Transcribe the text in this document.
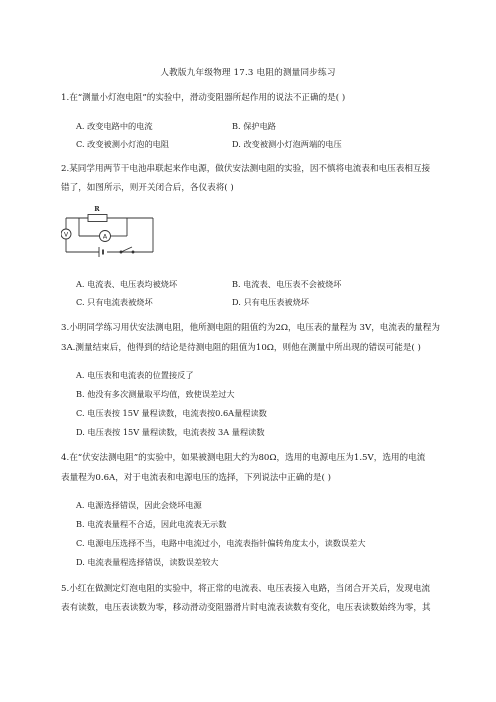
人教版九年级物理 17.3 电阻的测量同步练习
1.在“测量小灯泡电阻”的实验中，滑动变阻器所起作用的说法不正确的是( )
A. 改变电路中的电流	B. 保护电路
C. 改变被测小灯泡的电阻	D. 改变被测小灯泡两端的电压
2.某同学用两节干电池串联起来作电源，做伏安法测电阻的实验，因不慎将电流表和电压表相互接
错了，如图所示，则开关闭合后，各仪表将( )
R
V	A
A. 电流表、电压表均被烧坏	B. 电流表、电压表不会被烧坏
C. 只有电流表被烧坏	D. 只有电压表被烧坏
3.小明同学练习用伏安法测电阻，他所测电阻的阻值约为2Ω，电压表的量程为 3V，电流表的量程为
3A.测量结束后，他得到的结论是待测电阻的阻值为10Ω，则他在测量中所出现的错误可能是( )
A. 电压表和电流表的位置接反了
B. 他没有多次测量取平均值，致使误差过大
C. 电压表按 15V 量程读数，电流表按0.6A量程读数
D. 电压表按 15V 量程读数，电流表按 3A 量程读数
4.在“伏安法测电阻”的实验中，如果被测电阻大约为80Ω，选用的电源电压为1.5V，选用的电流
表量程为0.6A，对于电流表和电源电压的选择，下列说法中正确的是( )
A. 电源选择错误，因此会烧坏电源
B. 电流表量程不合适，因此电流表无示数
C. 电源电压选择不当，电路中电流过小，电流表指针偏转角度太小，读数误差大
D. 电流表量程选择错误，读数误差较大
5.小红在做测定灯泡电阻的实验中，将正常的电流表、电压表接入电路，当闭合开关后，发现电流
表有读数，电压表读数为零，移动滑动变阻器滑片时电流表读数有变化，电压表读数始终为零，其
